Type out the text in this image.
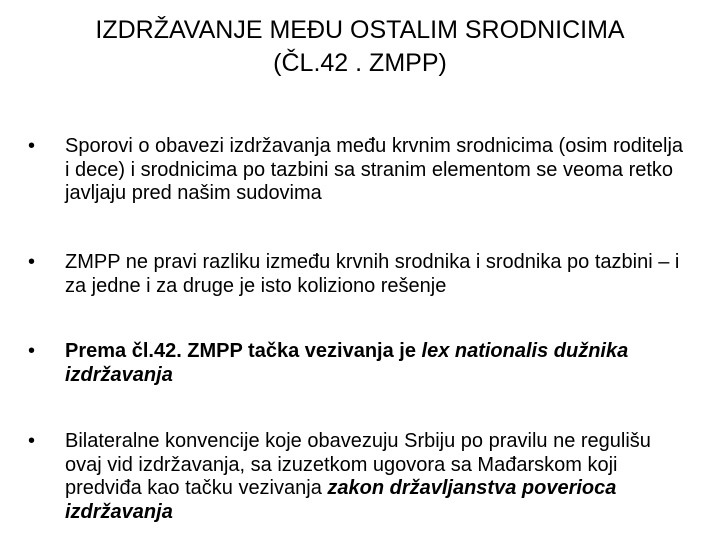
IZDRŽAVANJE MEĐU OSTALIM SRODNICIMA
(ČL.42 . ZMPP)
•	Sporovi o obavezi izdržavanja među krvnim srodnicima (osim roditelja i dece) i srodnicima po tazbini sa stranim elementom se veoma retko javljaju pred našim sudovima
•	ZMPP ne pravi razliku između krvnih srodnika i srodnika po tazbini – i za jedne i za druge je isto koliziono rešenje
•	Prema čl.42. ZMPP tačka vezivanja je lex nationalis dužnika izdržavanja
•	Bilateralne konvencije koje obavezuju Srbiju po pravilu ne regulišu ovaj vid izdržavanja, sa izuzetkom ugovora sa Mađarskom koji predviđa kao tačku vezivanja zakon državljanstva poverioca izdržavanja
